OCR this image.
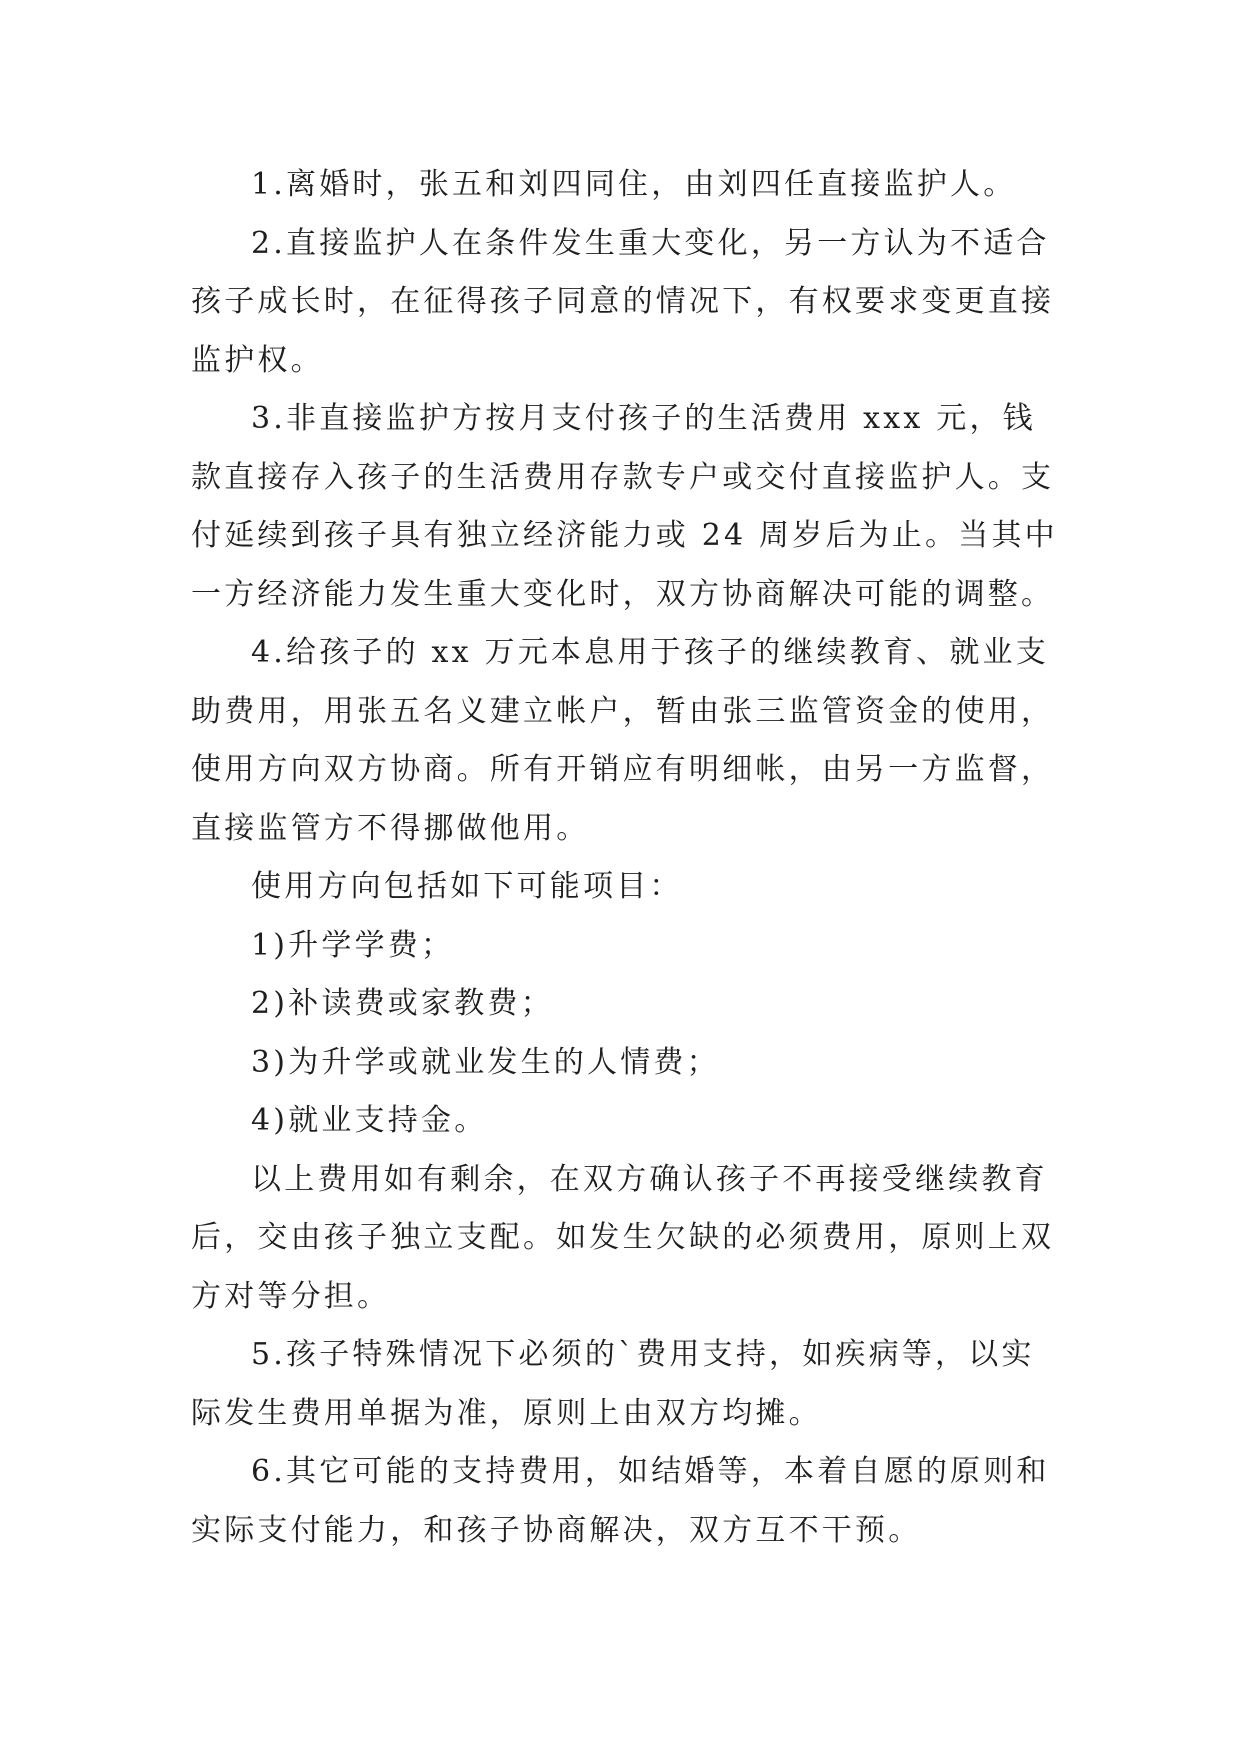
1.离婚时，张五和刘四同住，由刘四任直接监护人。

2.直接监护人在条件发生重大变化，另一方认为不适合孩子成长时，在征得孩子同意的情况下，有权要求变更直接监护权。

3.非直接监护方按月支付孩子的生活费用 xxx 元，钱款直接存入孩子的生活费用存款专户或交付直接监护人。支付延续到孩子具有独立经济能力或 24 周岁后为止。当其中一方经济能力发生重大变化时，双方协商解决可能的调整。

4.给孩子的 xx 万元本息用于孩子的继续教育、就业支助费用，用张五名义建立帐户，暂由张三监管资金的使用，使用方向双方协商。所有开销应有明细帐，由另一方监督，直接监管方不得挪做他用。

使用方向包括如下可能项目：

1)升学学费；

2)补读费或家教费；

3)为升学或就业发生的人情费；

4)就业支持金。

以上费用如有剩余，在双方确认孩子不再接受继续教育后，交由孩子独立支配。如发生欠缺的必须费用，原则上双方对等分担。

5.孩子特殊情况下必须的`费用支持，如疾病等，以实际发生费用单据为准，原则上由双方均摊。

6.其它可能的支持费用，如结婚等，本着自愿的原则和实际支付能力，和孩子协商解决，双方互不干预。
